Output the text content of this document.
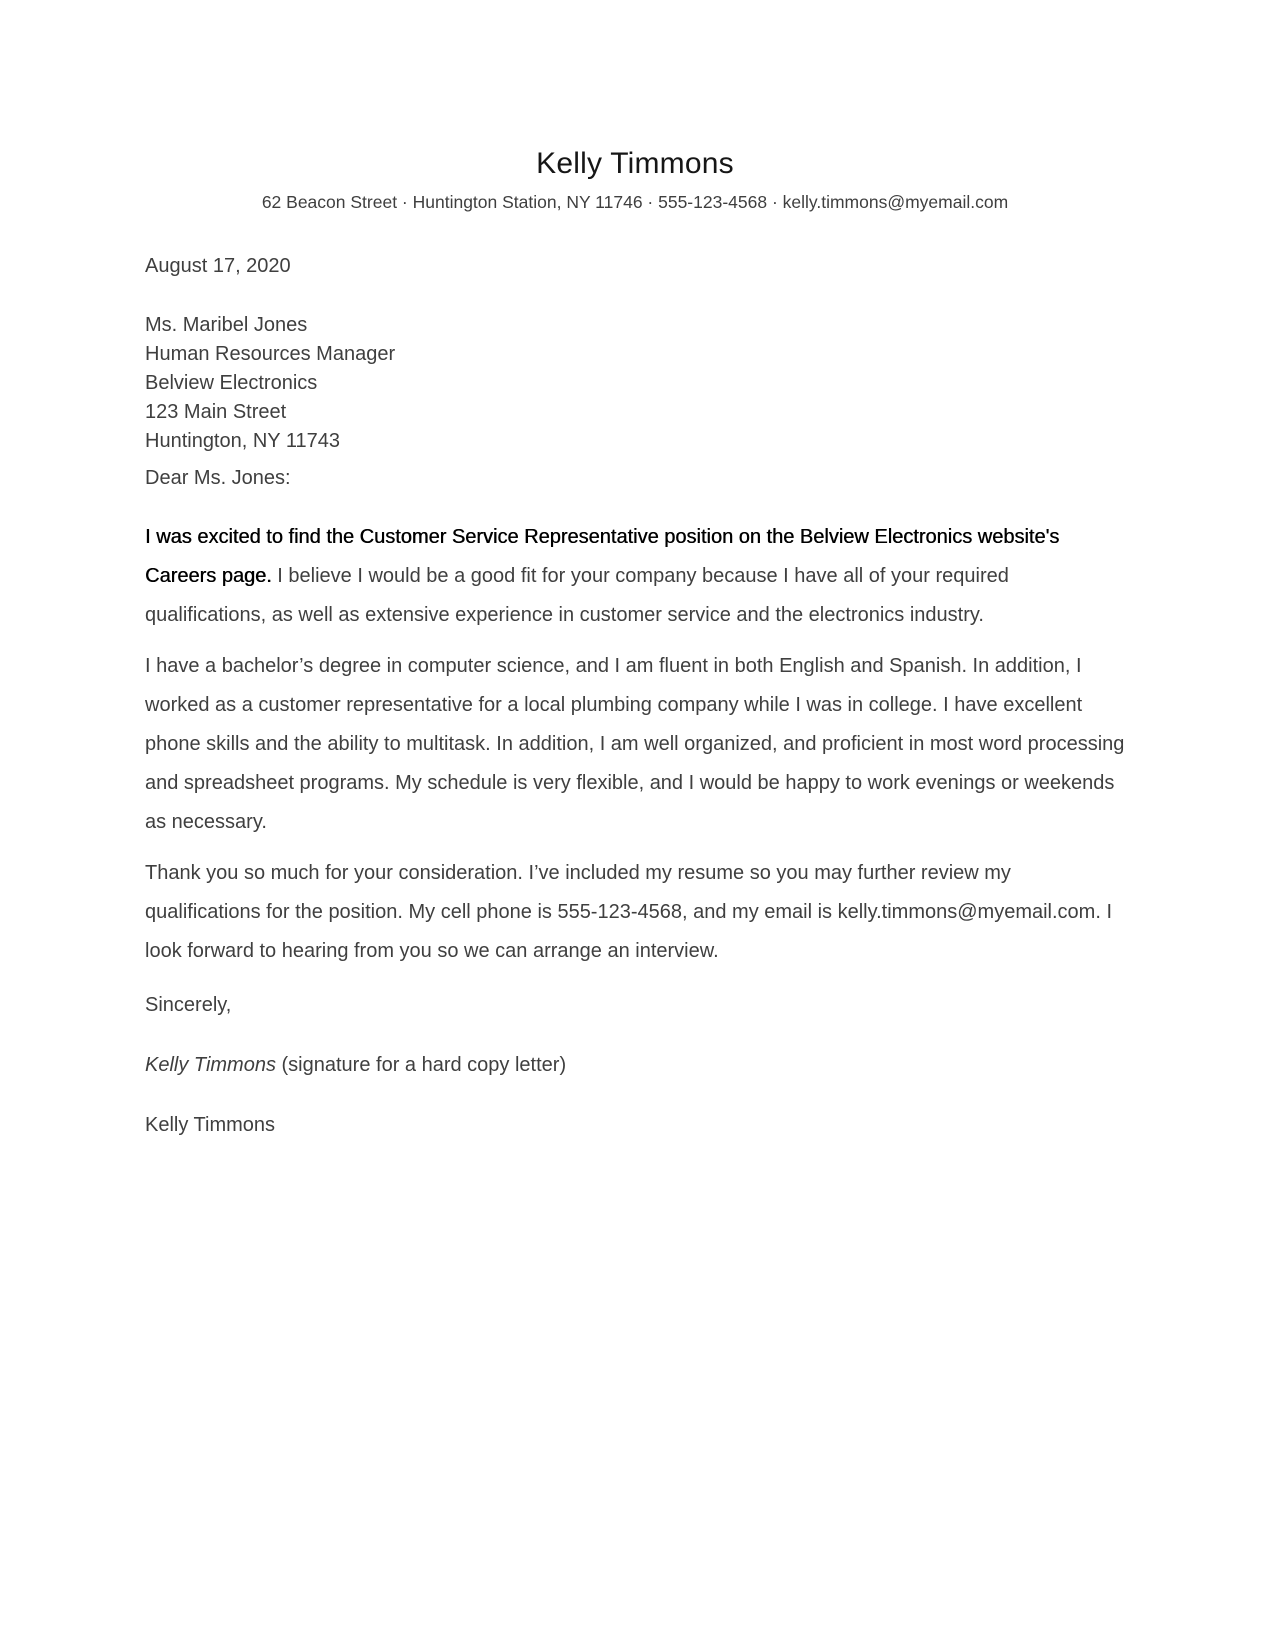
Kelly Timmons
62 Beacon Street · Huntington Station, NY 11746 · 555-123-4568 · kelly.timmons@myemail.com

August 17, 2020

Ms. Maribel Jones
Human Resources Manager
Belview Electronics
123 Main Street
Huntington, NY 11743

Dear Ms. Jones:

I was excited to find the Customer Service Representative position on the Belview Electronics website's Careers page. I believe I would be a good fit for your company because I have all of your required qualifications, as well as extensive experience in customer service and the electronics industry.

I have a bachelor’s degree in computer science, and I am fluent in both English and Spanish. In addition, I worked as a customer representative for a local plumbing company while I was in college. I have excellent phone skills and the ability to multitask. In addition, I am well organized, and proficient in most word processing and spreadsheet programs. My schedule is very flexible, and I would be happy to work evenings or weekends as necessary.

Thank you so much for your consideration. I’ve included my resume so you may further review my qualifications for the position. My cell phone is 555-123-4568, and my email is kelly.timmons@myemail.com. I look forward to hearing from you so we can arrange an interview.

Sincerely,

Kelly Timmons (signature for a hard copy letter)

Kelly Timmons
